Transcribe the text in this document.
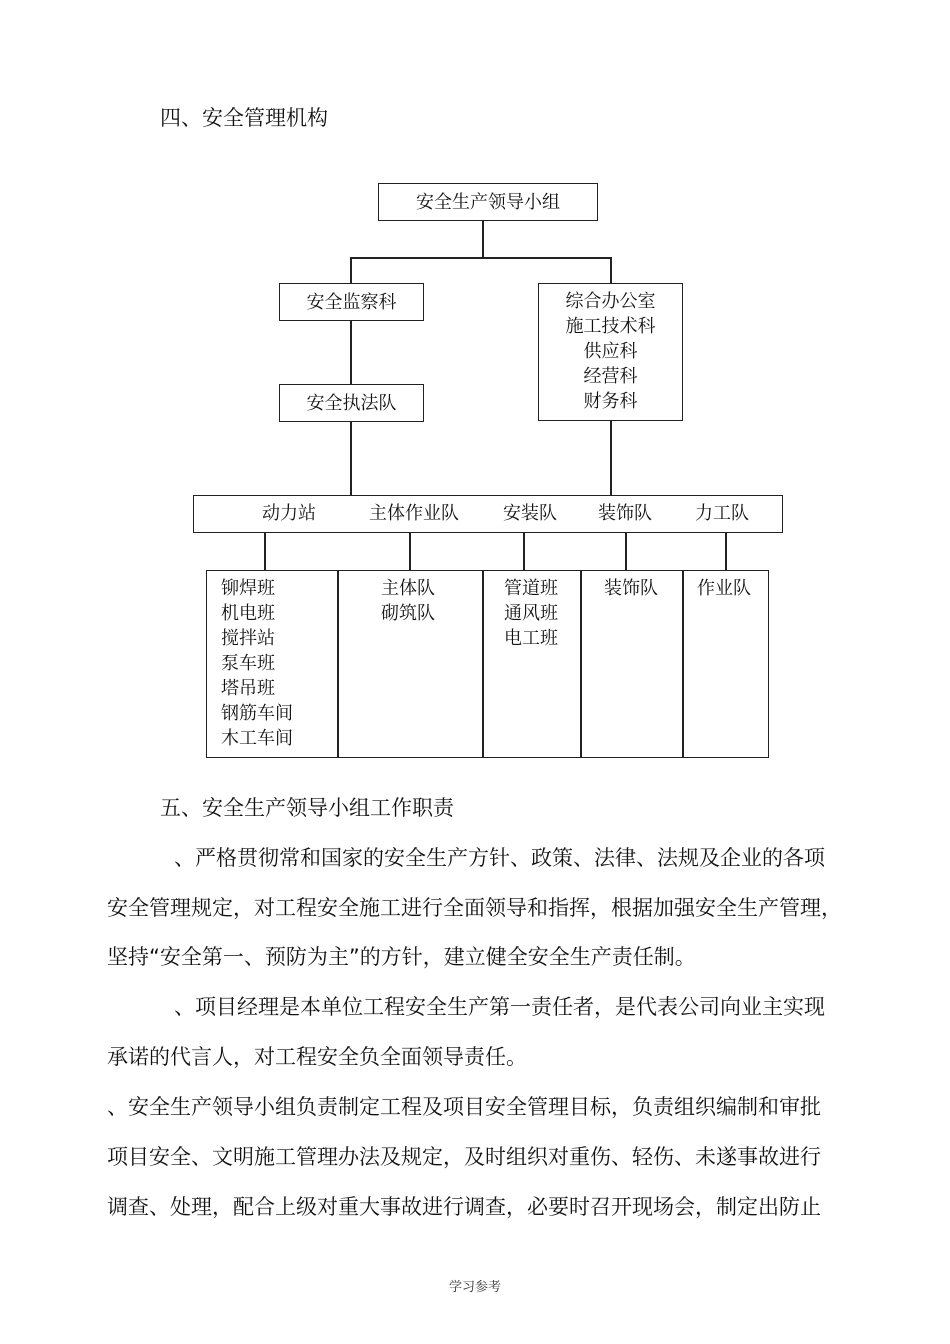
四、安全管理机构
安全生产领导小组
安全监察科
安全执法队
综合办公室
施工技术科
供应科
经营科
财务科
动力站	主体作业队 安装队 装饰队 力工队
铆焊班
机电班
搅拌站
泵车班
塔吊班
钢筋车间
木工车间
主体队
砌筑队
管道班
通风班
电工班
装饰队 作业队
五、安全生产领导小组工作职责
、严格贯彻常和国家的安全生产方针、政策、法律、法规及企业的各项
安全管理规定，对工程安全施工进行全面领导和指挥，根据加强安全生产管理，
坚持“安全第一、预防为主”的方针，建立健全安全生产责任制。
、项目经理是本单位工程安全生产第一责任者，是代表公司向业主实现
承诺的代言人，对工程安全负全面领导责任。
、安全生产领导小组负责制定工程及项目安全管理目标，负责组织编制和审批
项目安全、文明施工管理办法及规定，及时组织对重伤、轻伤、未遂事故进行
调查、处理，配合上级对重大事故进行调查，必要时召开现场会，制定出防止
学习参考
